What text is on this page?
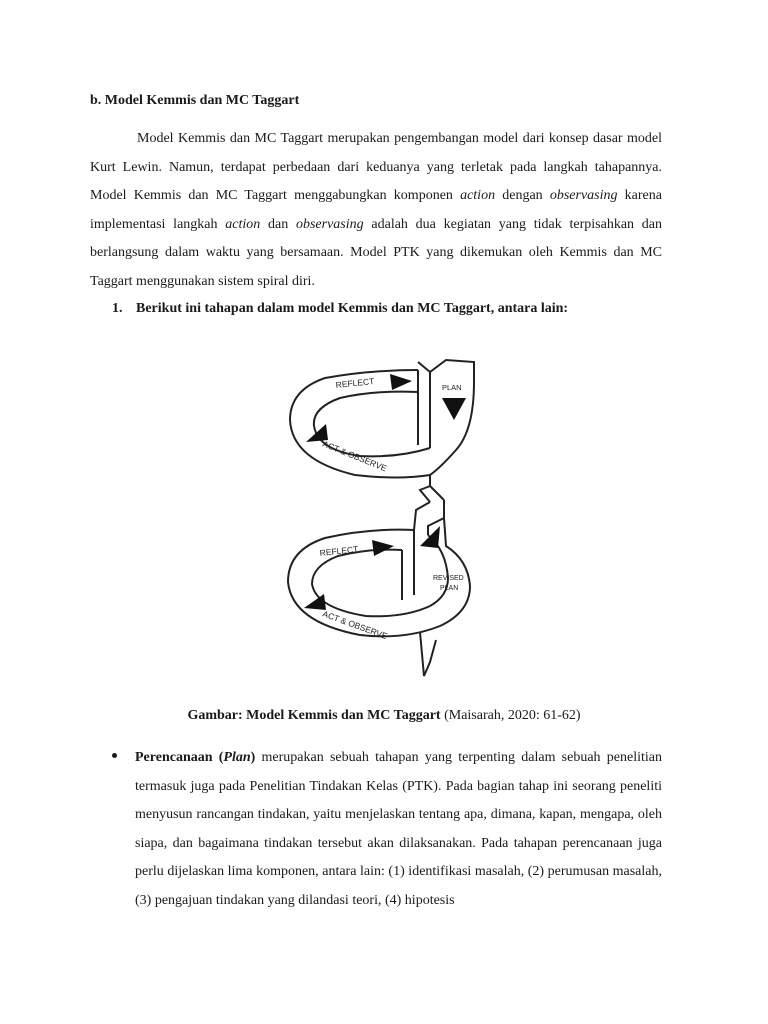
b. Model Kemmis dan MC Taggart

Model Kemmis dan MC Taggart merupakan pengembangan model dari konsep dasar model Kurt Lewin. Namun, terdapat perbedaan dari keduanya yang terletak pada langkah tahapannya. Model Kemmis dan MC Taggart menggabungkan komponen action dengan observasing karena implementasi langkah action dan observasing adalah dua kegiatan yang tidak terpisahkan dan berlangsung dalam waktu yang bersamaan. Model PTK yang dikemukan oleh Kemmis dan MC Taggart menggunakan sistem spiral diri.

1. Berikut ini tahapan dalam model Kemmis dan MC Taggart, antara lain:
REFLECT	PLAN
ACT & OBSERVE
REFLECT
REVISED
PLAN
ACT & OBSERVE
Gambar: Model Kemmis dan MC Taggart (Maisarah, 2020: 61-62)

Perencanaan (Plan) merupakan sebuah tahapan yang terpenting dalam sebuah penelitian termasuk juga pada Penelitian Tindakan Kelas (PTK). Pada bagian tahap ini seorang peneliti menyusun rancangan tindakan, yaitu menjelaskan tentang apa, dimana, kapan, mengapa, oleh siapa, dan bagaimana tindakan tersebut akan dilaksanakan. Pada tahapan perencanaan juga perlu dijelaskan lima komponen, antara lain: (1) identifikasi masalah, (2) perumusan masalah, (3) pengajuan tindakan yang dilandasi teori, (4) hipotesis
